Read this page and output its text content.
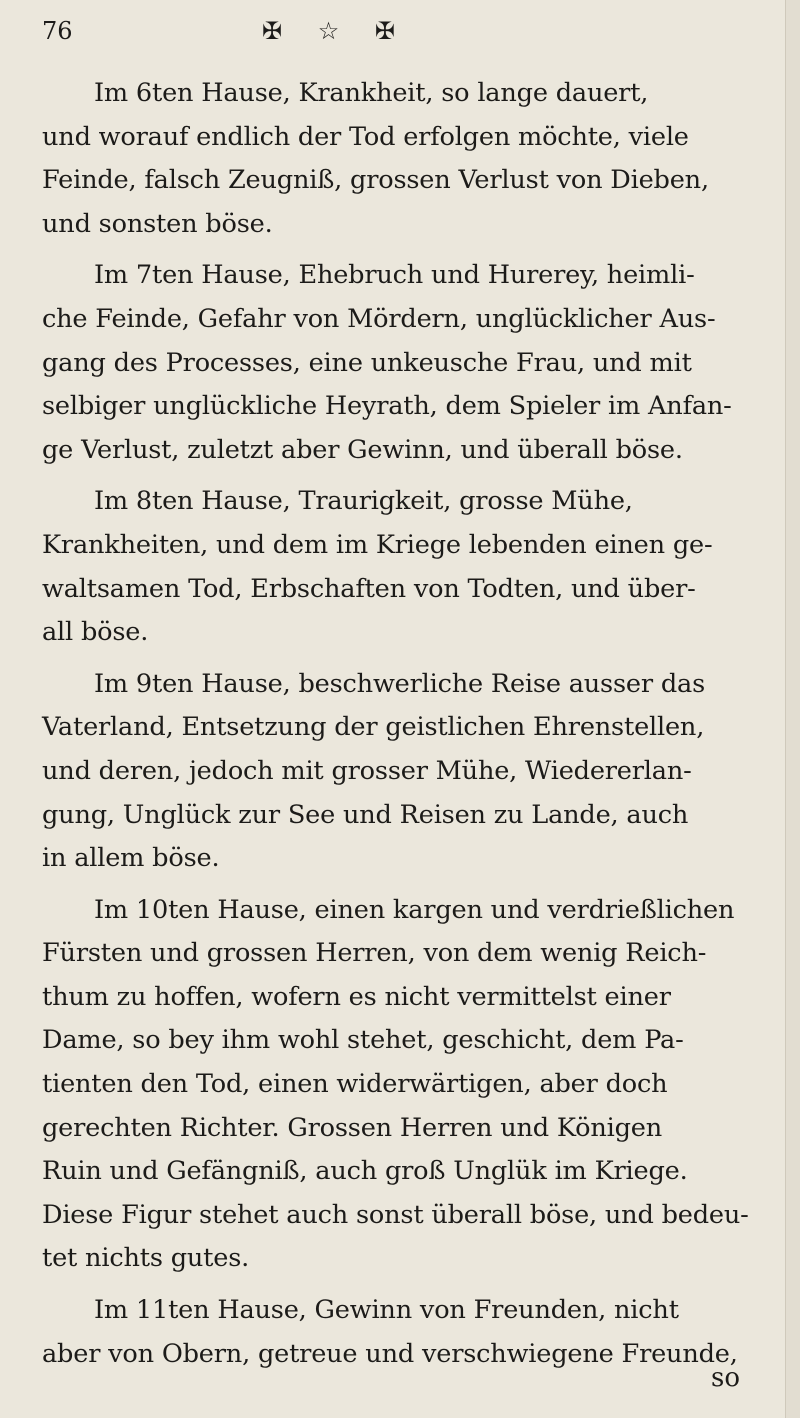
76	✠ ☆ ✠
Im 6ten Hause, Krankheit, so lange dauert,
und worauf endlich der Tod erfolgen möchte, viele
Feinde, falsch Zeugniß, grossen Verlust von Dieben,
und sonsten böse.
Im 7ten Hause, Ehebruch und Hurerey, heimli-
che Feinde, Gefahr von Mördern, unglücklicher Aus-
gang des Processes, eine unkeusche Frau, und mit
selbiger unglückliche Heyrath, dem Spieler im Anfan-
ge Verlust, zuletzt aber Gewinn, und überall böse.
Im 8ten Hause, Traurigkeit, grosse Mühe,
Krankheiten, und dem im Kriege lebenden einen ge-
waltsamen Tod, Erbschaften von Todten, und über-
all böse.
Im 9ten Hause, beschwerliche Reise ausser das
Vaterland, Entsetzung der geistlichen Ehrenstellen,
und deren, jedoch mit grosser Mühe, Wiedererlan-
gung, Unglück zur See und Reisen zu Lande, auch
in allem böse.
Im 10ten Hause, einen kargen und verdrießlichen
Fürsten und grossen Herren, von dem wenig Reich-
thum zu hoffen, wofern es nicht vermittelst einer
Dame, so bey ihm wohl stehet, geschicht, dem Pa-
tienten den Tod, einen widerwärtigen, aber doch
gerechten Richter. Grossen Herren und Königen
Ruin und Gefängniß, auch groß Unglük im Kriege.
Diese Figur stehet auch sonst überall böse, und bedeu-
tet nichts gutes.
Im 11ten Hause, Gewinn von Freunden, nicht
aber von Obern, getreue und verschwiegene Freunde,
so
